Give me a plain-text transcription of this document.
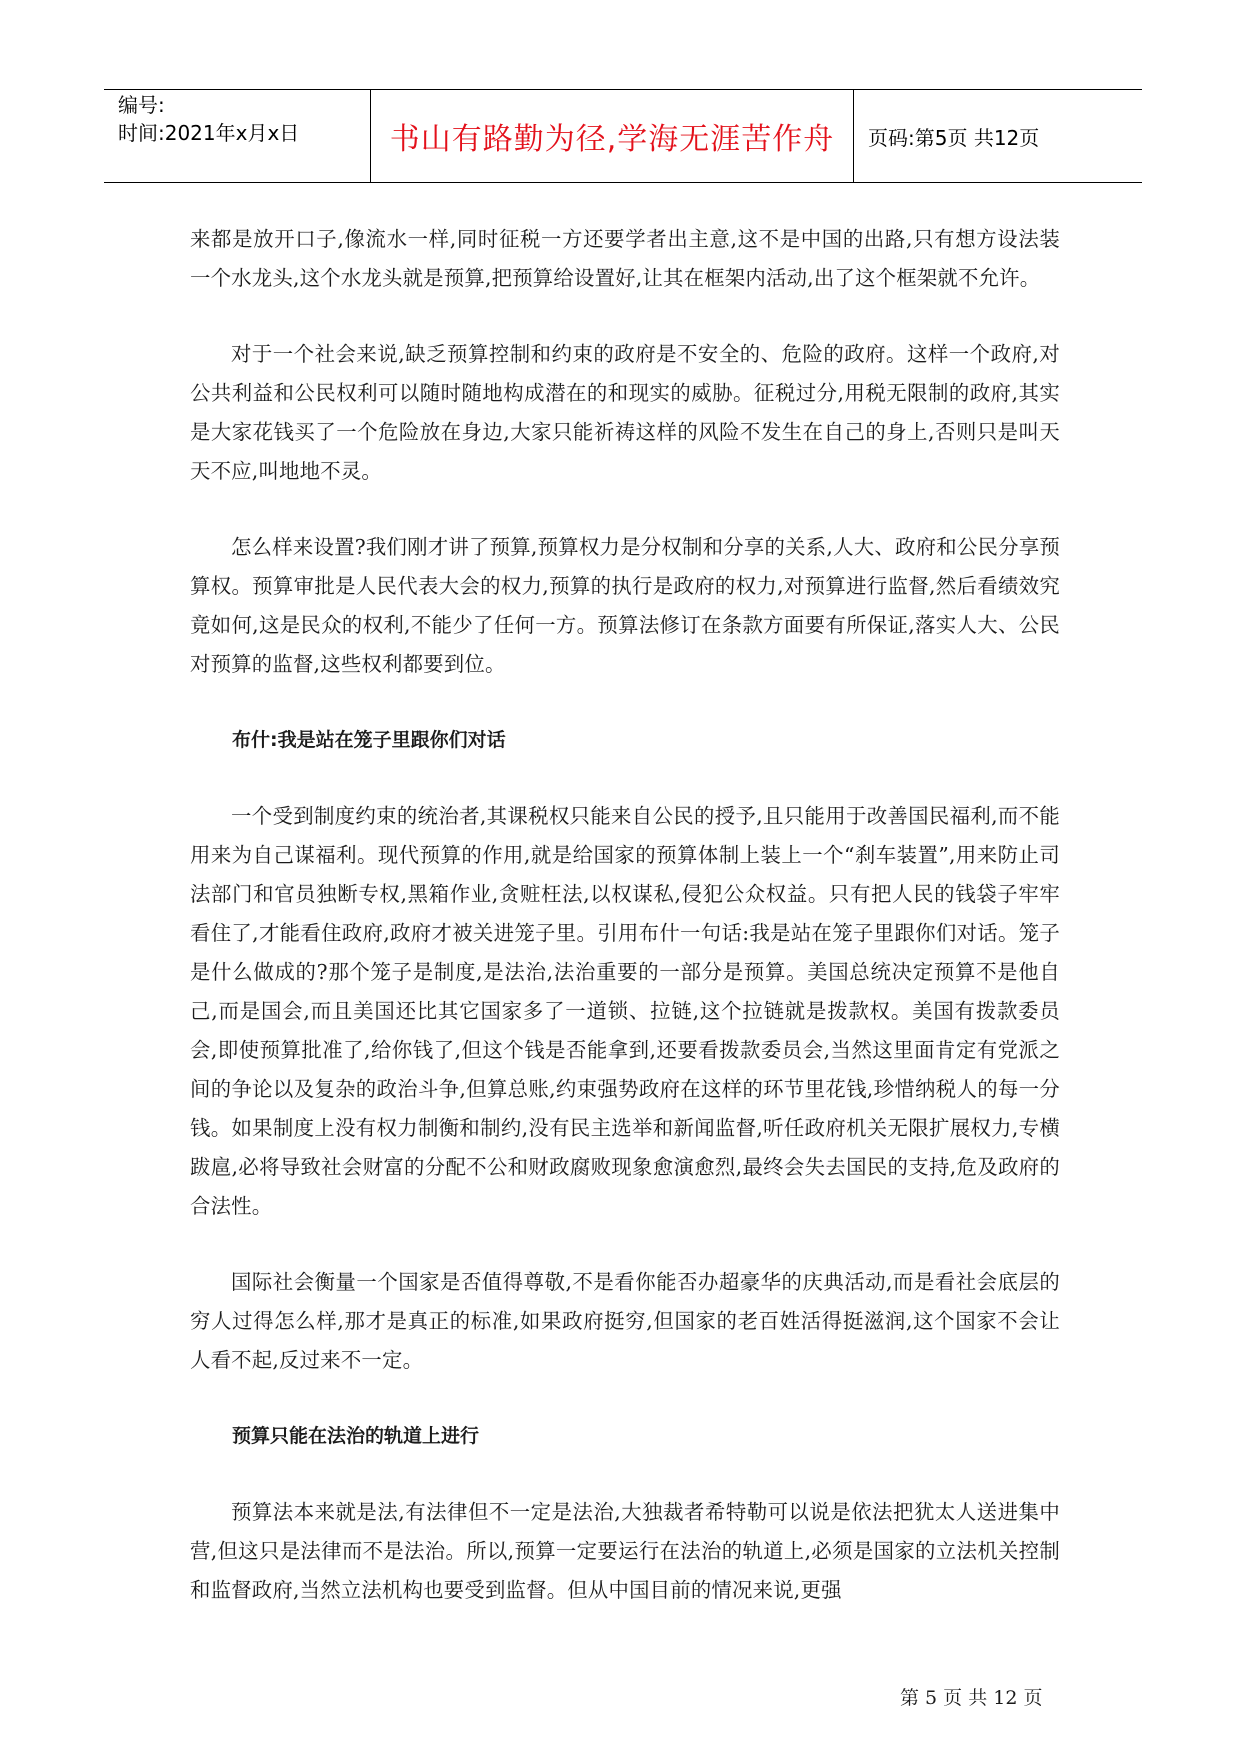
编号:
时间:2021年x月x日	书山有路勤为径,学海无涯苦作舟 页码:第5页 共12页

来都是放开口子,像流水一样,同时征税一方还要学者出主意,这不是中国的出路,只有想方设法装一个水龙头,这个水龙头就是预算,把预算给设置好,让其在框架内活动,出了这个框架就不允许。

对于一个社会来说,缺乏预算控制和约束的政府是不安全的、危险的政府。这样一个政府,对公共利益和公民权利可以随时随地构成潜在的和现实的威胁。征税过分,用税无限制的政府,其实是大家花钱买了一个危险放在身边,大家只能祈祷这样的风险不发生在自己的身上,否则只是叫天天不应,叫地地不灵。

怎么样来设置?我们刚才讲了预算,预算权力是分权制和分享的关系,人大、政府和公民分享预算权。预算审批是人民代表大会的权力,预算的执行是政府的权力,对预算进行监督,然后看绩效究竟如何,这是民众的权利,不能少了任何一方。预算法修订在条款方面要有所保证,落实人大、公民对预算的监督,这些权利都要到位。

布什:我是站在笼子里跟你们对话

一个受到制度约束的统治者,其课税权只能来自公民的授予,且只能用于改善国民福利,而不能用来为自己谋福利。现代预算的作用,就是给国家的预算体制上装上一个“刹车装置”,用来防止司法部门和官员独断专权,黑箱作业,贪赃枉法,以权谋私,侵犯公众权益。只有把人民的钱袋子牢牢看住了,才能看住政府,政府才被关进笼子里。引用布什一句话:我是站在笼子里跟你们对话。笼子是什么做成的?那个笼子是制度,是法治,法治重要的一部分是预算。美国总统决定预算不是他自己,而是国会,而且美国还比其它国家多了一道锁、拉链,这个拉链就是拨款权。美国有拨款委员会,即使预算批准了,给你钱了,但这个钱是否能拿到,还要看拨款委员会,当然这里面肯定有党派之间的争论以及复杂的政治斗争,但算总账,约束强势政府在这样的环节里花钱,珍惜纳税人的每一分钱。如果制度上没有权力制衡和制约,没有民主选举和新闻监督,听任政府机关无限扩展权力,专横跋扈,必将导致社会财富的分配不公和财政腐败现象愈演愈烈,最终会失去国民的支持,危及政府的合法性。

国际社会衡量一个国家是否值得尊敬,不是看你能否办超豪华的庆典活动,而是看社会底层的穷人过得怎么样,那才是真正的标准,如果政府挺穷,但国家的老百姓活得挺滋润,这个国家不会让人看不起,反过来不一定。

预算只能在法治的轨道上进行

预算法本来就是法,有法律但不一定是法治,大独裁者希特勒可以说是依法把犹太人送进集中营,但这只是法律而不是法治。所以,预算一定要运行在法治的轨道上,必须是国家的立法机关控制和监督政府,当然立法机构也要受到监督。但从中国目前的情况来说,更强

第 5 页 共 12 页
